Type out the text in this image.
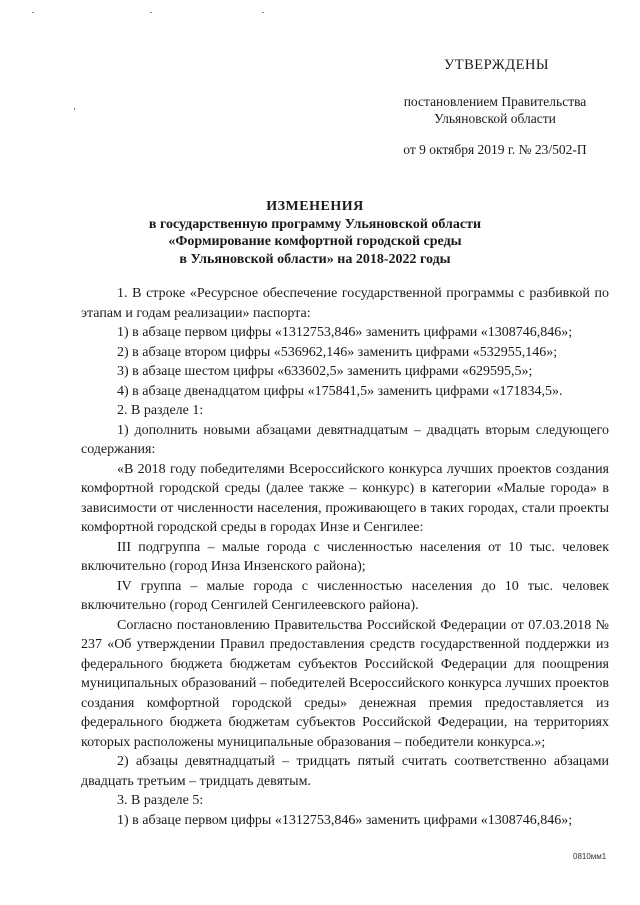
УТВЕРЖДЕНЫ
постановлением Правительства
Ульяновской области
от 9 октября 2019 г. № 23/502-П
ИЗМЕНЕНИЯ
в государственную программу Ульяновской области
«Формирование комфортной городской среды
в Ульяновской области» на 2018-2022 годы

1. В строке «Ресурсное обеспечение государственной программы с разбивкой по этапам и годам реализации» паспорта:

1) в абзаце первом цифры «1312753,846» заменить цифрами «1308746,846»;

2) в абзаце втором цифры «536962,146» заменить цифрами «532955,146»;

3) в абзаце шестом цифры «633602,5» заменить цифрами «629595,5»;

4) в абзаце двенадцатом цифры «175841,5» заменить цифрами «171834,5».

2. В разделе 1:

1) дополнить новыми абзацами девятнадцатым – двадцать вторым следующего содержания:

«В 2018 году победителями Всероссийского конкурса лучших проектов создания комфортной городской среды (далее также – конкурс) в категории «Малые города» в зависимости от численности населения, проживающего в таких городах, стали проекты комфортной городской среды в городах Инзе и Сенгилее:

III подгруппа – малые города с численностью населения от 10 тыс. человек включительно (город Инза Инзенского района);

IV группа – малые города с численностью населения до 10 тыс. человек включительно (город Сенгилей Сенгилеевского района).

Согласно постановлению Правительства Российской Федерации от 07.03.2018 № 237 «Об утверждении Правил предоставления средств государственной поддержки из федерального бюджета бюджетам субъектов Российской Федерации для поощрения муниципальных образований – победителей Всероссийского конкурса лучших проектов создания комфортной городской среды» денежная премия предоставляется из федерального бюджета бюджетам субъектов Российской Федерации, на территориях которых расположены муниципальные образования – победители конкурса.»;

2) абзацы девятнадцатый – тридцать пятый считать соответственно абзацами двадцать третьим – тридцать девятым.

3. В разделе 5:

1) в абзаце первом цифры «1312753,846» заменить цифрами «1308746,846»;

0810мм1
